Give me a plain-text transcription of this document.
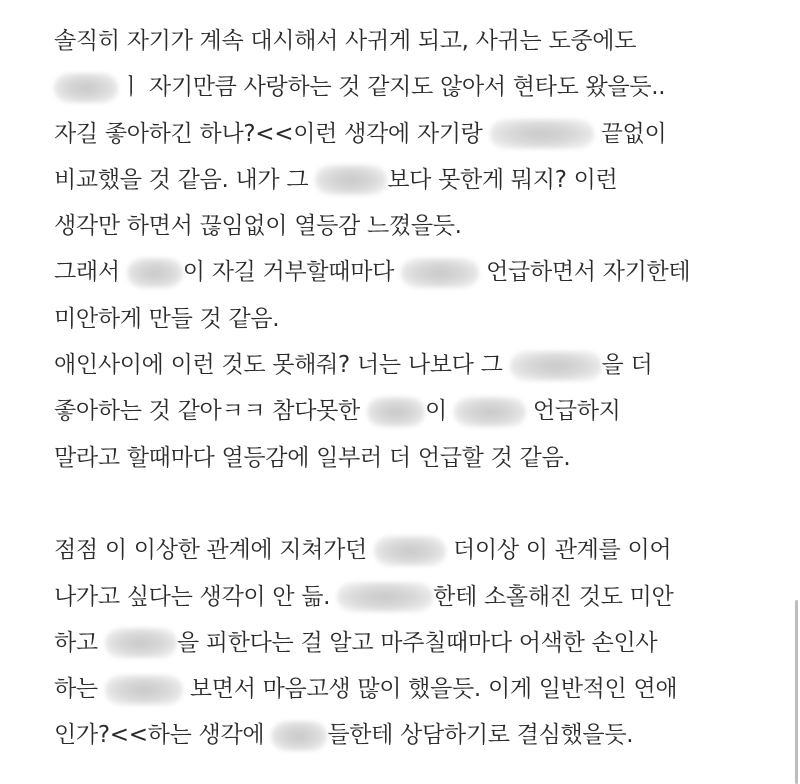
솔직히 자기가 계속 대시해서 사귀게 되고, 사귀는 도중에도
ㅣ 자기만큼 사랑하는 것 같지도 않아서 현타도 왔을듯..
자길 좋아하긴 하나?<<이런 생각에 자기랑	끝없이
비교했을 것 같음. 내가 그	보다 못한게 뭐지? 이런
생각만 하면서 끊임없이 열등감 느꼈을듯.
그래서 이 자길 거부할때마다	언급하면서 자기한테
미안하게 만들 것 같음.
애인사이에 이런 것도 못해줘? 너는 나보다 그	을 더
좋아하는 것 같아ㅋㅋ 참다못한	이	언급하지
말라고 할때마다 열등감에 일부러 더 언급할 것 같음.
점점 이 이상한 관계에 지쳐가던	더이상 이 관계를 이어
나가고 싶다는 생각이 안 듦.	한테 소홀해진 것도 미안
하고	을 피한다는 걸 알고 마주칠때마다 어색한 손인사
하는	보면서 마음고생 많이 했을듯. 이게 일반적인 연애
인가?<<하는 생각에 들한테 상담하기로 결심했을듯.
